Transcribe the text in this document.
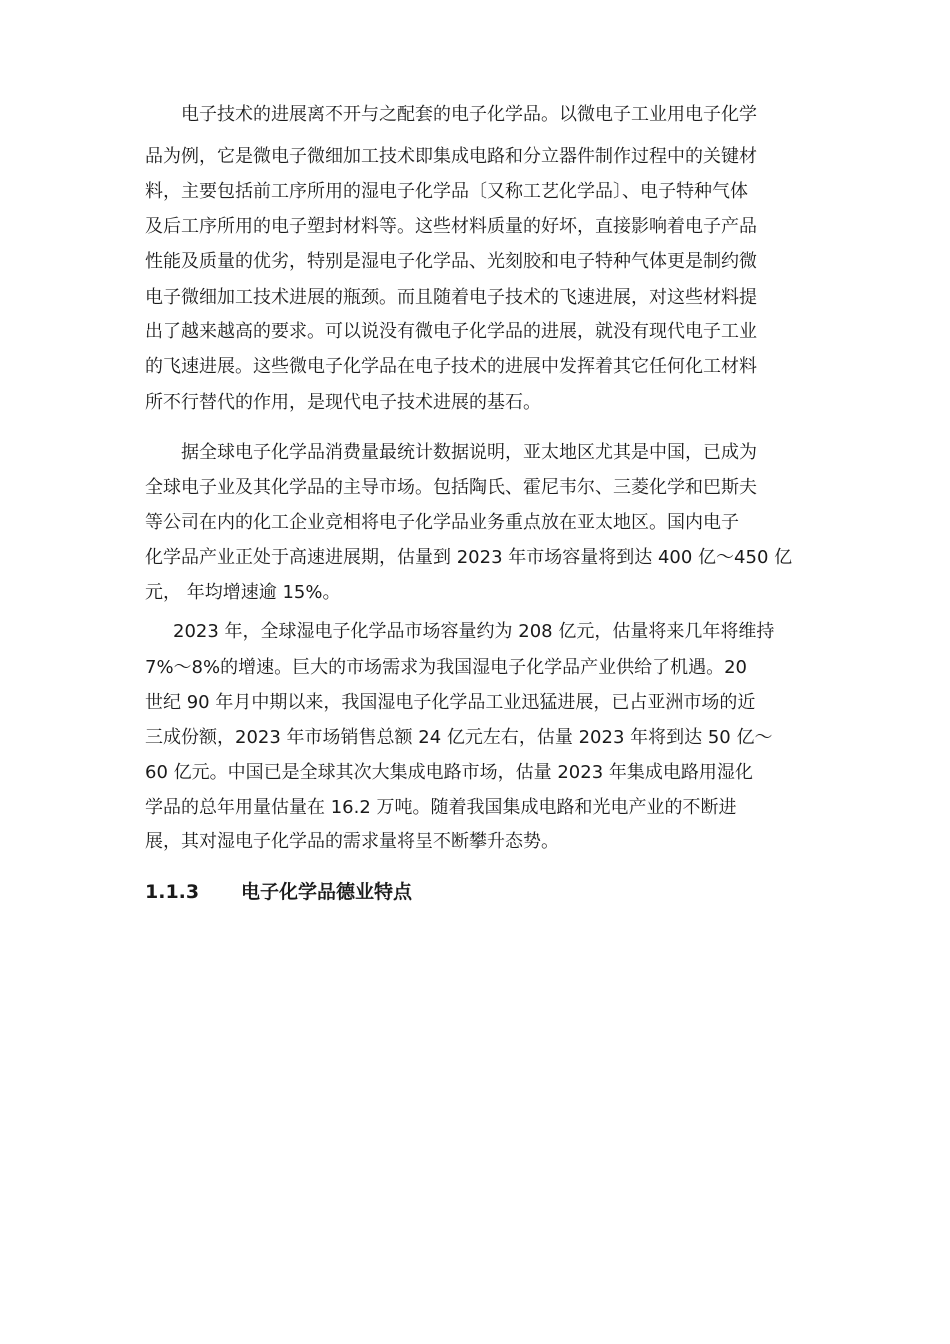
电子技术的进展离不开与之配套的电子化学品。以微电子工业用电子化学
品为例，它是微电子微细加工技术即集成电路和分立器件制作过程中的关键材
料，主要包括前工序所用的湿电子化学品〔又称工艺化学品〕、电子特种气体
及后工序所用的电子塑封材料等。这些材料质量的好坏，直接影响着电子产品
性能及质量的优劣，特别是湿电子化学品、光刻胶和电子特种气体更是制约微
电子微细加工技术进展的瓶颈。而且随着电子技术的飞速进展，对这些材料提
出了越来越高的要求。可以说没有微电子化学品的进展，就没有现代电子工业
的飞速进展。这些微电子化学品在电子技术的进展中发挥着其它任何化工材料
所不行替代的作用，是现代电子技术进展的基石。
据全球电子化学品消费量最统计数据说明，亚太地区尤其是中国，已成为
全球电子业及其化学品的主导市场。包括陶氏、霍尼韦尔、三菱化学和巴斯夫
等公司在内的化工企业竞相将电子化学品业务重点放在亚太地区。国内电子
化学品产业正处于高速进展期，估量到 2023 年市场容量将到达 400 亿～450 亿
元， 年均增速逾 15%。
2023 年，全球湿电子化学品市场容量约为 208 亿元，估量将来几年将维持
7%～8%的增速。巨大的市场需求为我国湿电子化学品产业供给了机遇。20
世纪 90 年月中期以来，我国湿电子化学品工业迅猛进展，已占亚洲市场的近
三成份额，2023 年市场销售总额 24 亿元左右，估量 2023 年将到达 50 亿～
60 亿元。中国已是全球其次大集成电路市场，估量 2023 年集成电路用湿化
学品的总年用量估量在 16.2 万吨。随着我国集成电路和光电产业的不断进
展，其对湿电子化学品的需求量将呈不断攀升态势。
1.1.3 电子化学品德业特点
